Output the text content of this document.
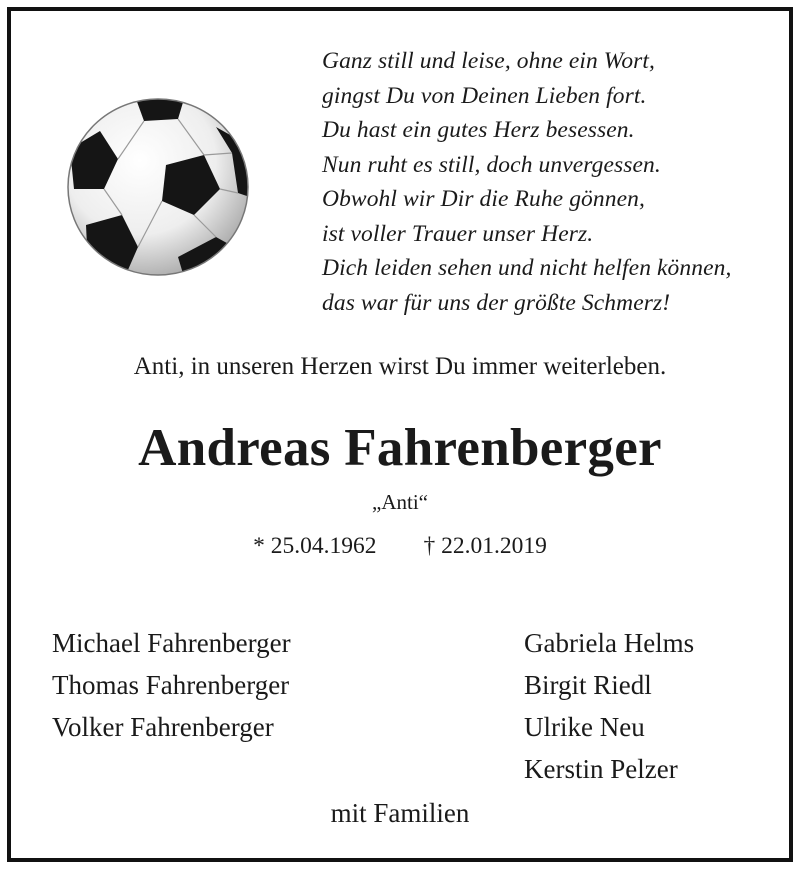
Ganz still und leise, ohne ein Wort,
gingst Du von Deinen Lieben fort.
Du hast ein gutes Herz besessen.
Nun ruht es still, doch unvergessen.
Obwohl wir Dir die Ruhe gönnen,
ist voller Trauer unser Herz.
Dich leiden sehen und nicht helfen können,
das war für uns der größte Schmerz!
Anti, in unseren Herzen wirst Du immer weiterleben.
Andreas Fahrenberger
„Anti“
* 25.04.1962 † 22.01.2019
Michael Fahrenberger
Thomas Fahrenberger
Volker Fahrenberger
Gabriela Helms
Birgit Riedl
Ulrike Neu
Kerstin Pelzer
mit Familien
